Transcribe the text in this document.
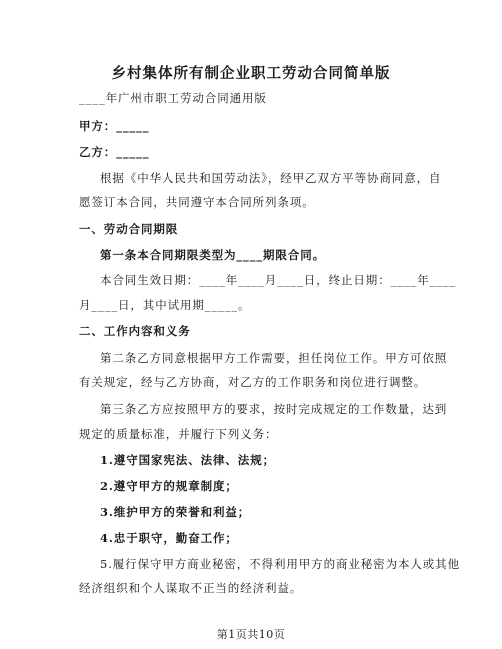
乡村集体所有制企业职工劳动合同简单版
____年广州市职工劳动合同通用版
甲方：_____
乙方：_____
根据《中华人民共和国劳动法》，经甲乙双方平等协商同意，自
愿签订本合同，共同遵守本合同所列条项。
一、劳动合同期限
第一条本合同期限类型为____期限合同。
本合同生效日期：____年____月____日，终止日期：____年____
月____日，其中试用期_____。
二、工作内容和义务
第二条乙方同意根据甲方工作需要，担任岗位工作。甲方可依照
有关规定，经与乙方协商，对乙方的工作职务和岗位进行调整。
第三条乙方应按照甲方的要求，按时完成规定的工作数量，达到
规定的质量标准，并履行下列义务：
1.遵守国家宪法、法律、法规；
2.遵守甲方的规章制度；
3.维护甲方的荣誉和利益；
4.忠于职守，勤奋工作；
5.履行保守甲方商业秘密，不得利用甲方的商业秘密为本人或其他
经济组织和个人谋取不正当的经济利益。
第1页共10页
